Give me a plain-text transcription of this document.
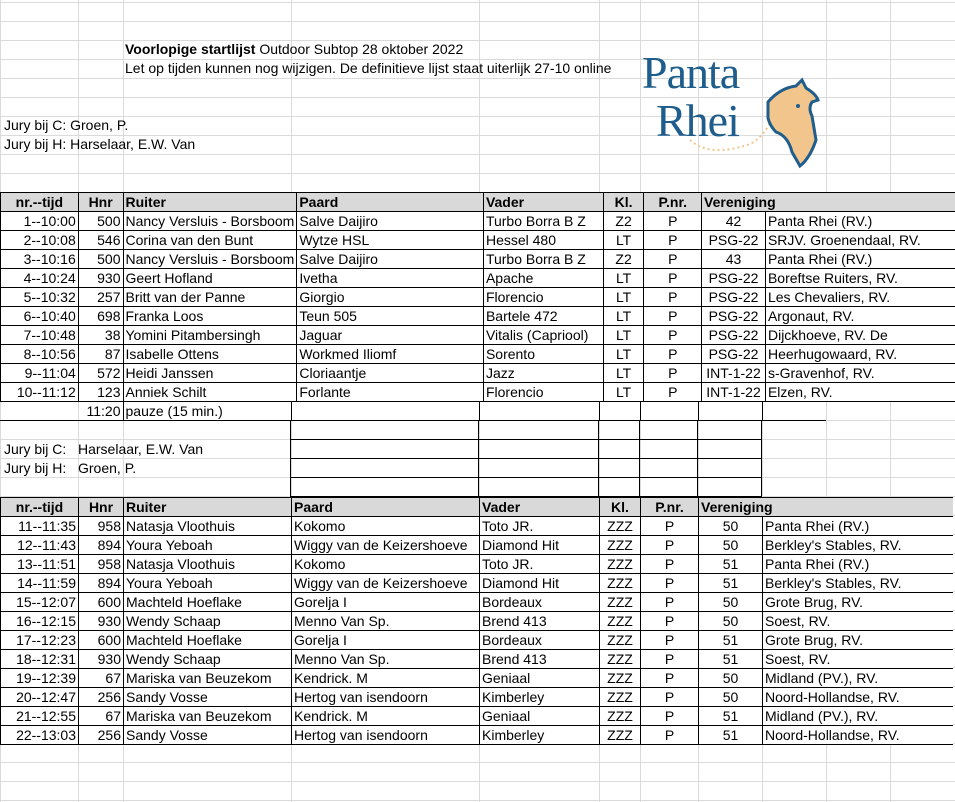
Voorlopige startlijst Outdoor Subtop 28 oktober 2022
Let op tijden kunnen nog wijzigen. De definitieve lijst staat uiterlijk 27-10 online Panta
Rhei
Jury bij C: Groen, P.
Jury bij H: Harselaar, E.W. Van
nr.--tijd	Hnr	Ruiter	Paard	Vader	Kl.	P.nr.	Vereniging	
1--10:00	500	Nancy Versluis - Borsboom	Salve Daijiro	Turbo Borra B Z	Z2	P	42	Panta Rhei (RV.)
2--10:08	546	Corina van den Bunt	Wytze HSL	Hessel 480	LT	P	PSG-22	SRJV. Groenendaal, RV.
3--10:16	500	Nancy Versluis - Borsboom	Salve Daijiro	Turbo Borra B Z	Z2	P	43	Panta Rhei (RV.)
4--10:24	930	Geert Hofland	Ivetha	Apache	LT	P	PSG-22	Boreftse Ruiters, RV.
5--10:32	257	Britt van der Panne	Giorgio	Florencio	LT	P	PSG-22	Les Chevaliers, RV.
6--10:40	698	Franka Loos	Teun 505	Bartele 472	LT	P	PSG-22	Argonaut, RV.
7--10:48	38	Yomini Pitambersingh	Jaguar	Vitalis (Capriool)	LT	P	PSG-22	Dijckhoeve, RV. De
8--10:56	87	Isabelle Ottens	Workmed Iliomf	Sorento	LT	P	PSG-22	Heerhugowaard, RV.
9--11:04	572	Heidi Janssen	Cloriaantje	Jazz	LT	P	INT-1-22	s-Gravenhof, RV.
10--11:12	123	Anniek Schilt	Forlante	Florencio	LT	P	INT-1-22	Elzen, RV.
11:20	pauze (15 min.)						

Jury bij C: Harselaar, E.W. Van
Jury bij H: Groen, P.
nr.--tijd	Hnr	Ruiter	Paard	Vader	Kl.	P.nr.	Vereniging	
11--11:35	958	Natasja Vloothuis	Kokomo	Toto JR.	ZZZ	P	50	Panta Rhei (RV.)
12--11:43	894	Youra Yeboah	Wiggy van de Keizershoeve	Diamond Hit	ZZZ	P	50	Berkley's Stables, RV.
13--11:51	958	Natasja Vloothuis	Kokomo	Toto JR.	ZZZ	P	51	Panta Rhei (RV.)
14--11:59	894	Youra Yeboah	Wiggy van de Keizershoeve	Diamond Hit	ZZZ	P	51	Berkley's Stables, RV.
15--12:07	600	Machteld Hoeflake	Gorelja I	Bordeaux	ZZZ	P	50	Grote Brug, RV.
16--12:15	930	Wendy Schaap	Menno Van Sp.	Brend 413	ZZZ	P	50	Soest, RV.
17--12:23	600	Machteld Hoeflake	Gorelja I	Bordeaux	ZZZ	P	51	Grote Brug, RV.
18--12:31	930	Wendy Schaap	Menno Van Sp.	Brend 413	ZZZ	P	51	Soest, RV.
19--12:39	67	Mariska van Beuzekom	Kendrick. M	Geniaal	ZZZ	P	50	Midland (PV.), RV.
20--12:47	256	Sandy Vosse	Hertog van isendoorn	Kimberley	ZZZ	P	50	Noord-Hollandse, RV.
21--12:55	67	Mariska van Beuzekom	Kendrick. M	Geniaal	ZZZ	P	51	Midland (PV.), RV.
22--13:03	256	Sandy Vosse	Hertog van isendoorn	Kimberley	ZZZ	P	51	Noord-Hollandse, RV.
